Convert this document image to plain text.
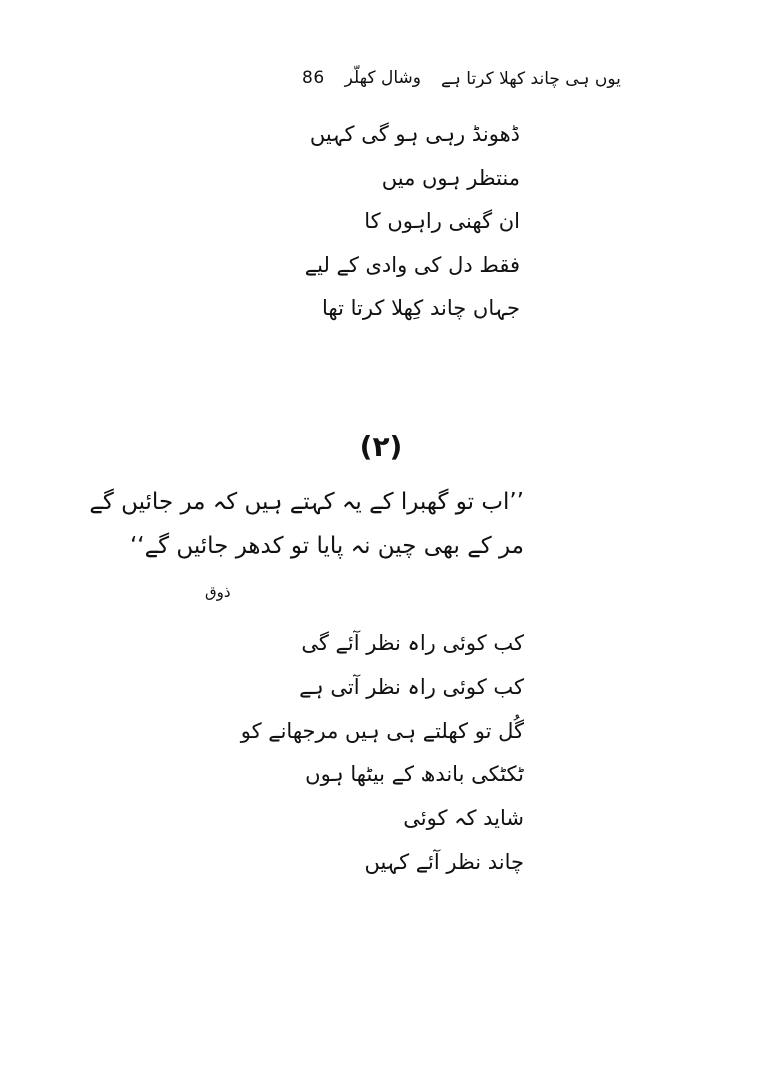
86 وشال کھلّر یوں ہی چاند کھلا کرتا ہے
ڈھونڈ رہی ہو گی کہیں
منتظر ہوں میں
ان گھنی راہوں کا
فقط دل کی وادی کے لیے
جہاں چاند کِھلا کرتا تھا
(۲)
’’اب تو گھبرا کے یہ کہتے ہیں کہ مر جائیں گے
مر کے بھی چین نہ پایا تو کدھر جائیں گے‘‘
ذوق
کب کوئی راہ نظر آئے گی
کب کوئی راہ نظر آتی ہے
گُل تو کھلتے ہی ہیں مرجھانے کو
ٹکٹکی باندھ کے بیٹھا ہوں
شاید کہ کوئی
چاند نظر آئے کہیں
